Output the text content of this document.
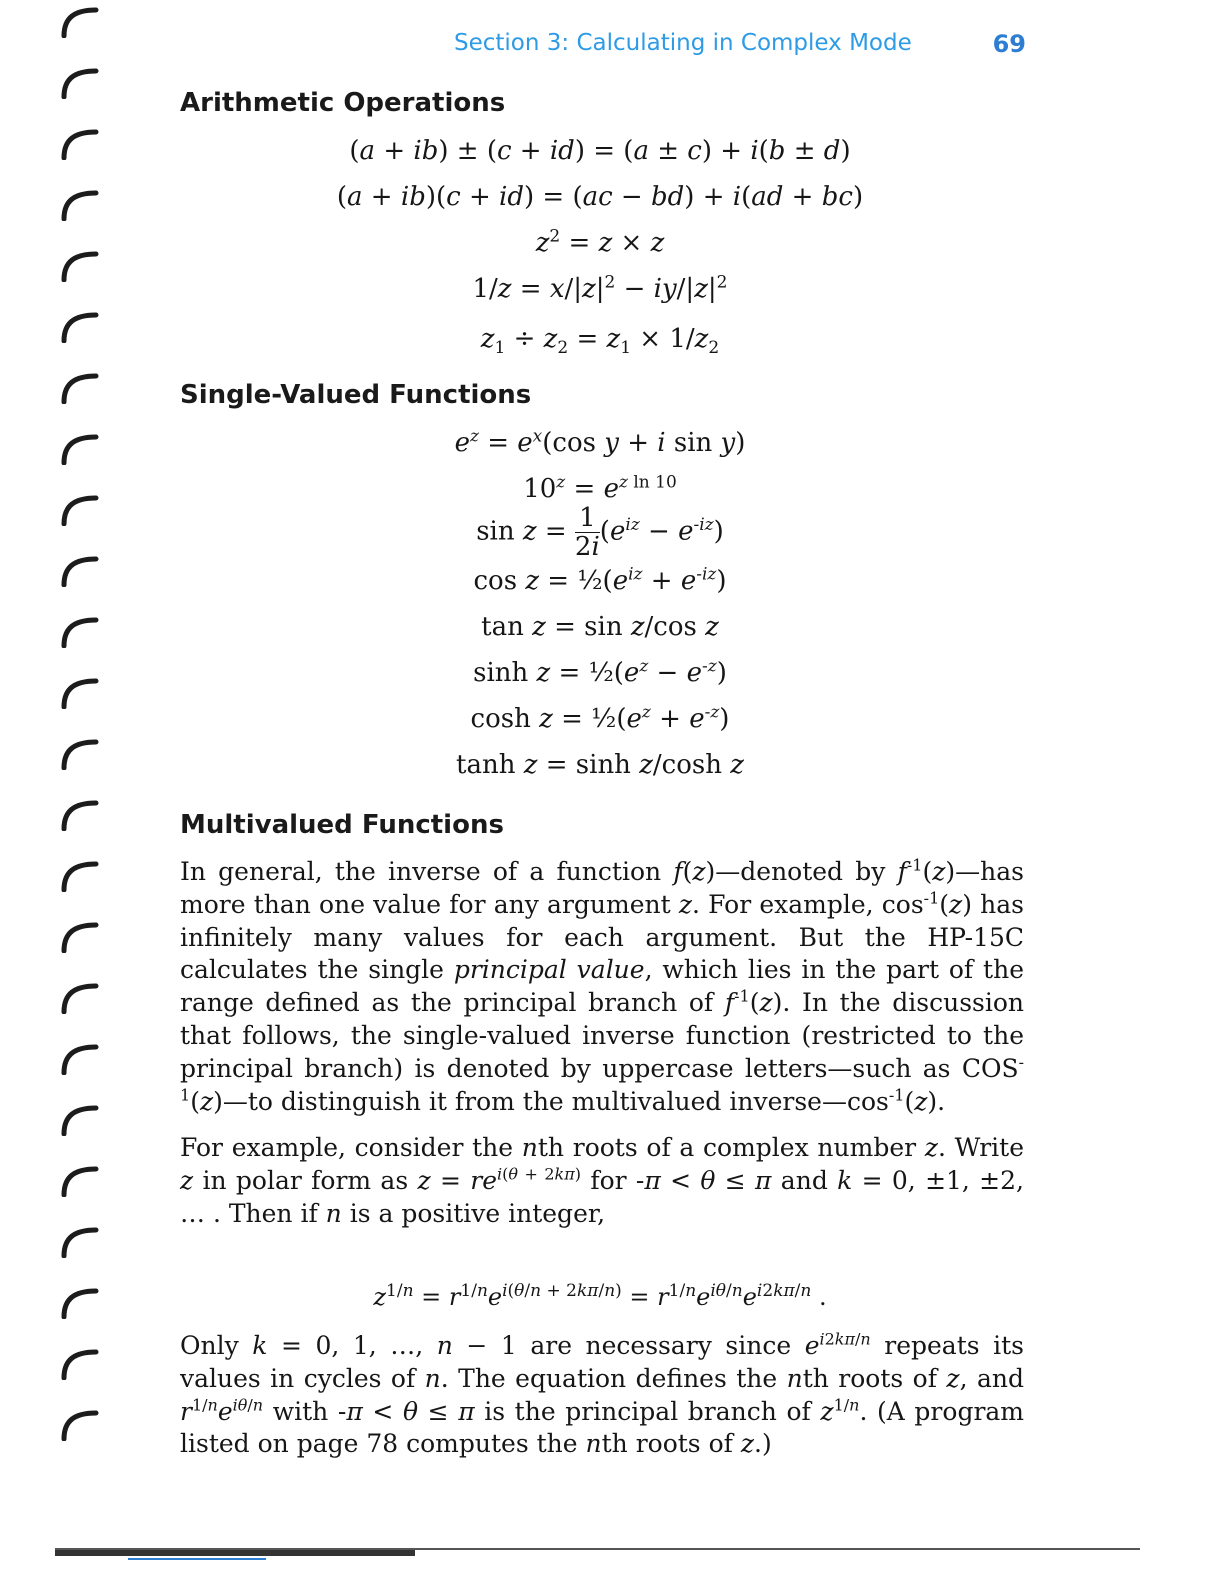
Section 3: Calculating in Complex Mode	69
Arithmetic Operations
(a + ib) ± (c + id) = (a ± c) + i(b ± d)
(a + ib)(c + id) = (ac − bd) + i(ad + bc)
$z^2 = z \times z$
$1/z = x/|z|^2 - iy/|z|^2$
$z_1 \div z_2 = z_1 \times 1/z_2$
Single-Valued Functions
$e^z = e^x(\cos$ y + i sin y)
$10^z = e^{z ln 10}$
$\sin z = \frac{1}{2i} (e^{iz} - e^{-iz})$
$\cos z = \frac{1}{2}(e^{iz} + e^{-iz})$
tan z = sin z/cos z
$\sinh z = \frac{1}{2}(e^z - e^{-z})$
$\cosh z = \frac{1}{2}(e^z + e^{-z})$
tanh z = sinh z/cosh z
Multivalued Functions

In general, the inverse of a function f(z)—denoted by $f^{-1}(z)—has$ more than one value for any argument z. For example, $\cos^{-1}(z)$ has infinitely many values for each argument. But the HP-15C calculates the single principal value, which lies in the part of the range defined as the principal branch of $f^{-1}(z)$. In the discussion that follows, the single-valued inverse function (restricted to the principal branch) is denoted by uppercase letters—such as $COS^{-1}(z)—to$ distinguish it from the multivalued $inverse—\cos^{-1}(z)$.

For example, consider the nth roots of a complex number z. Write z in polar form as $z = re^{i(\theta + 2k\pi)}$ for -π < θ ≤ π and k = 0, ±1, ±2, … . Then if n is a positive integer,

$z^{1/n} = r^{1/n}e^{i(\theta/n + 2k\pi/n)} = r^{1/n}e^{i\theta/n}e^{i2k\pi/n}$ .

Only k = 0, 1, …, n − 1 are necessary since $e^{i2k\pi/n}$ repeats its values in cycles of n. The equation defines the nth roots of z, and $r^{1/n}e^{i\theta/n}$ with -π < θ ≤ π is the principal branch of $z^{1/n}$. (A program listed on page 78 computes the nth roots of z.)
